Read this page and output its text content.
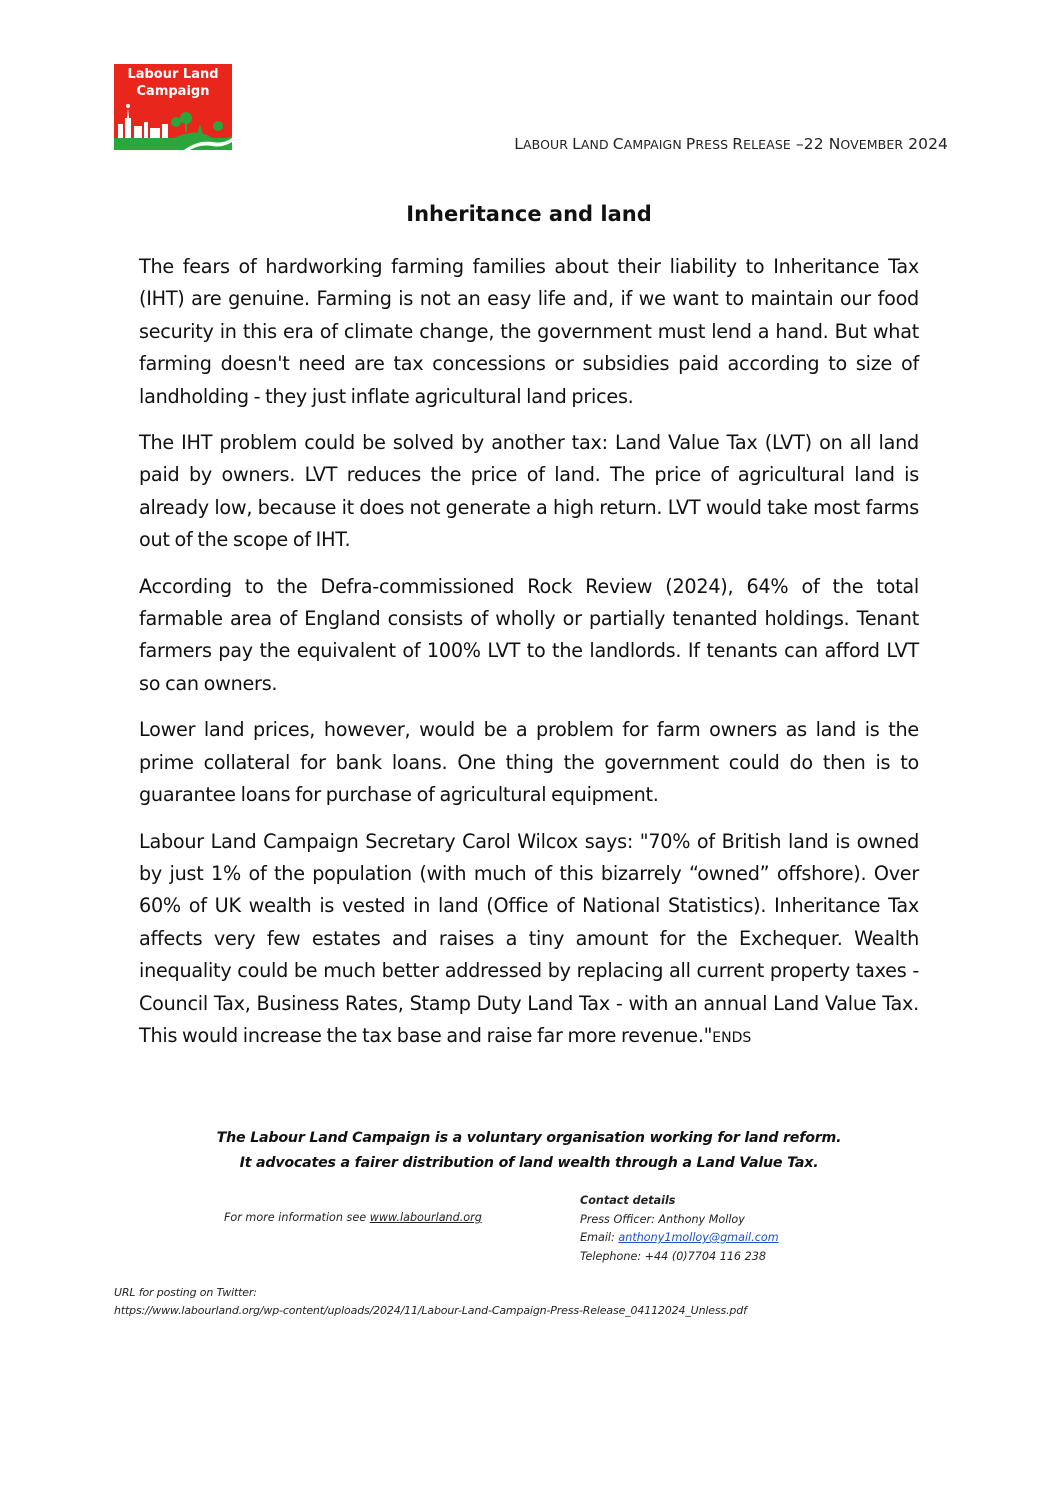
Labour Land
Campaign
LABOUR LAND CAMPAIGN PRESS RELEASE –22 NOVEMBER 2024
Inheritance and land

The fears of hardworking farming families about their liability to Inheritance Tax (IHT) are genuine. Farming is not an easy life and, if we want to maintain our food security in this era of climate change, the government must lend a hand. But what farming doesn't need are tax concessions or subsidies paid according to size of landholding - they just inflate agricultural land prices.

The IHT problem could be solved by another tax: Land Value Tax (LVT) on all land paid by owners. LVT reduces the price of land. The price of agricultural land is already low, because it does not generate a high return. LVT would take most farms out of the scope of IHT.

According to the Defra-commissioned Rock Review (2024), 64% of the total farmable area of England consists of wholly or partially tenanted holdings. Tenant farmers pay the equivalent of 100% LVT to the landlords. If tenants can afford LVT so can owners.

Lower land prices, however, would be a problem for farm owners as land is the prime collateral for bank loans. One thing the government could do then is to guarantee loans for purchase of agricultural equipment.

Labour Land Campaign Secretary Carol Wilcox says: "70% of British land is owned by just 1% of the population (with much of this bizarrely “owned” offshore). Over 60% of UK wealth is vested in land (Office of National Statistics). Inheritance Tax affects very few estates and raises a tiny amount for the Exchequer. Wealth inequality could be much better addressed by replacing all current property taxes - Council Tax, Business Rates, Stamp Duty Land Tax - with an annual Land Value Tax. This would increase the tax base and raise far more revenue."ENDS

The Labour Land Campaign is a voluntary organisation working for land reform.
It advocates a fairer distribution of land wealth through a Land Value Tax.
For more information see www.labourland.org
Contact details
Press Officer: Anthony Molloy
Email: anthony1molloy@gmail.com
Telephone: +44 (0)7704 116 238
URL for posting on Twitter:
https://www.labourland.org/wp-content/uploads/2024/11/Labour-Land-Campaign-Press-Release_04112024_Unless.pdf
